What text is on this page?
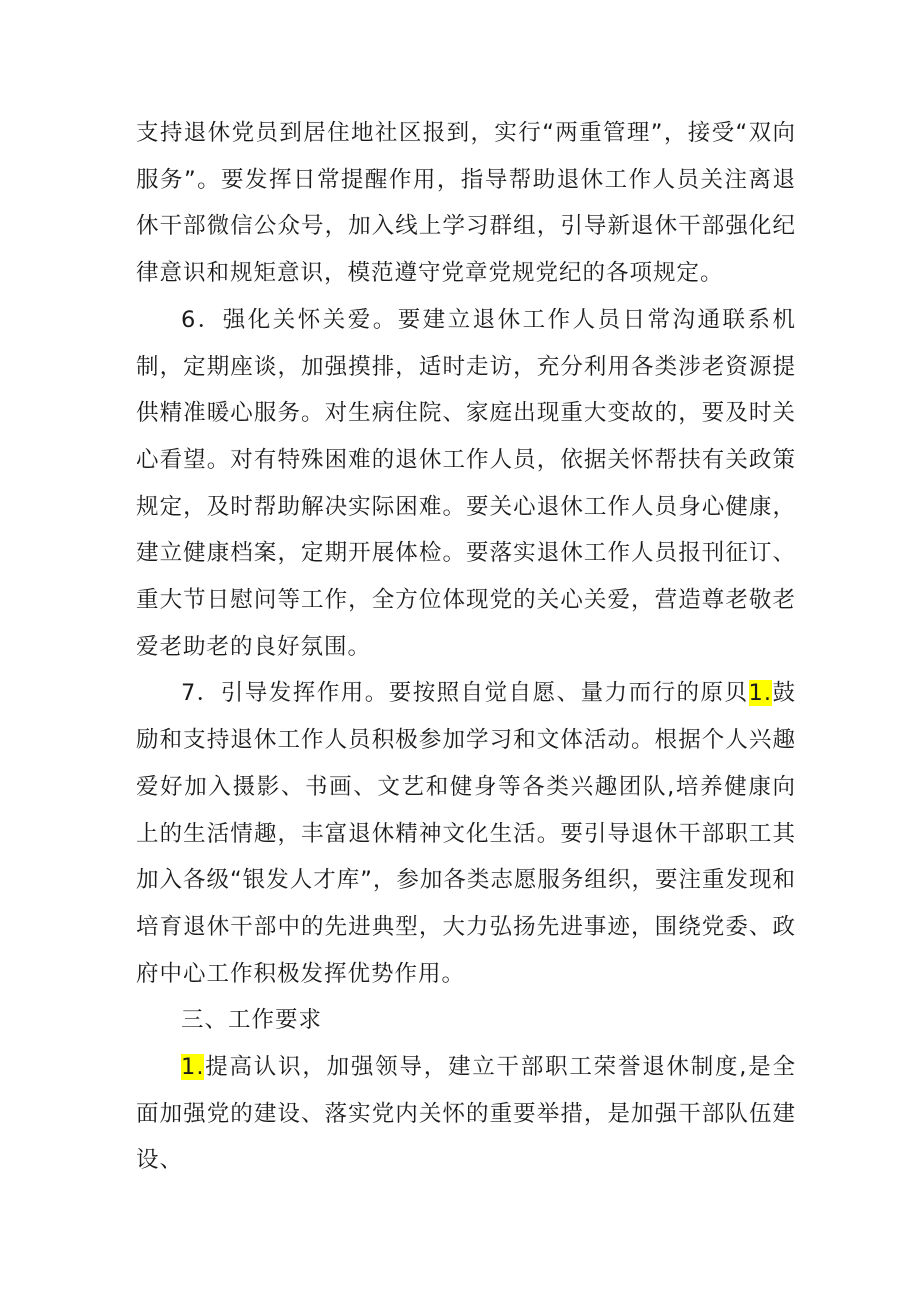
支持退休党员到居住地社区报到，实行“两重管理”，接受“双向服务”。要发挥日常提醒作用，指导帮助退休工作人员关注离退休干部微信公众号，加入线上学习群组，引导新退休干部强化纪律意识和规矩意识，模范遵守党章党规党纪的各项规定。

6．强化关怀关爱。要建立退休工作人员日常沟通联系机制，定期座谈，加强摸排，适时走访，充分利用各类涉老资源提供精准暖心服务。对生病住院、家庭出现重大变故的，要及时关心看望。对有特殊困难的退休工作人员，依据关怀帮扶有关政策规定，及时帮助解决实际困难。要关心退休工作人员身心健康，建立健康档案，定期开展体检。要落实退休工作人员报刊征订、重大节日慰问等工作，全方位体现党的关心关爱，营造尊老敬老爱老助老的良好氛围。

7．引导发挥作用。要按照自觉自愿、量力而行的原贝1.鼓励和支持退休工作人员积极参加学习和文体活动。根据个人兴趣爱好加入摄影、书画、文艺和健身等各类兴趣团队,培养健康向上的生活情趣，丰富退休精神文化生活。要引导退休干部职工其加入各级“银发人才库”，参加各类志愿服务组织，要注重发现和培育退休干部中的先进典型，大力弘扬先进事迹，围绕党委、政府中心工作积极发挥优势作用。

三、工作要求

1.提高认识，加强领导，建立干部职工荣誉退休制度,是全面加强党的建设、落实党内关怀的重要举措，是加强干部队伍建设、
